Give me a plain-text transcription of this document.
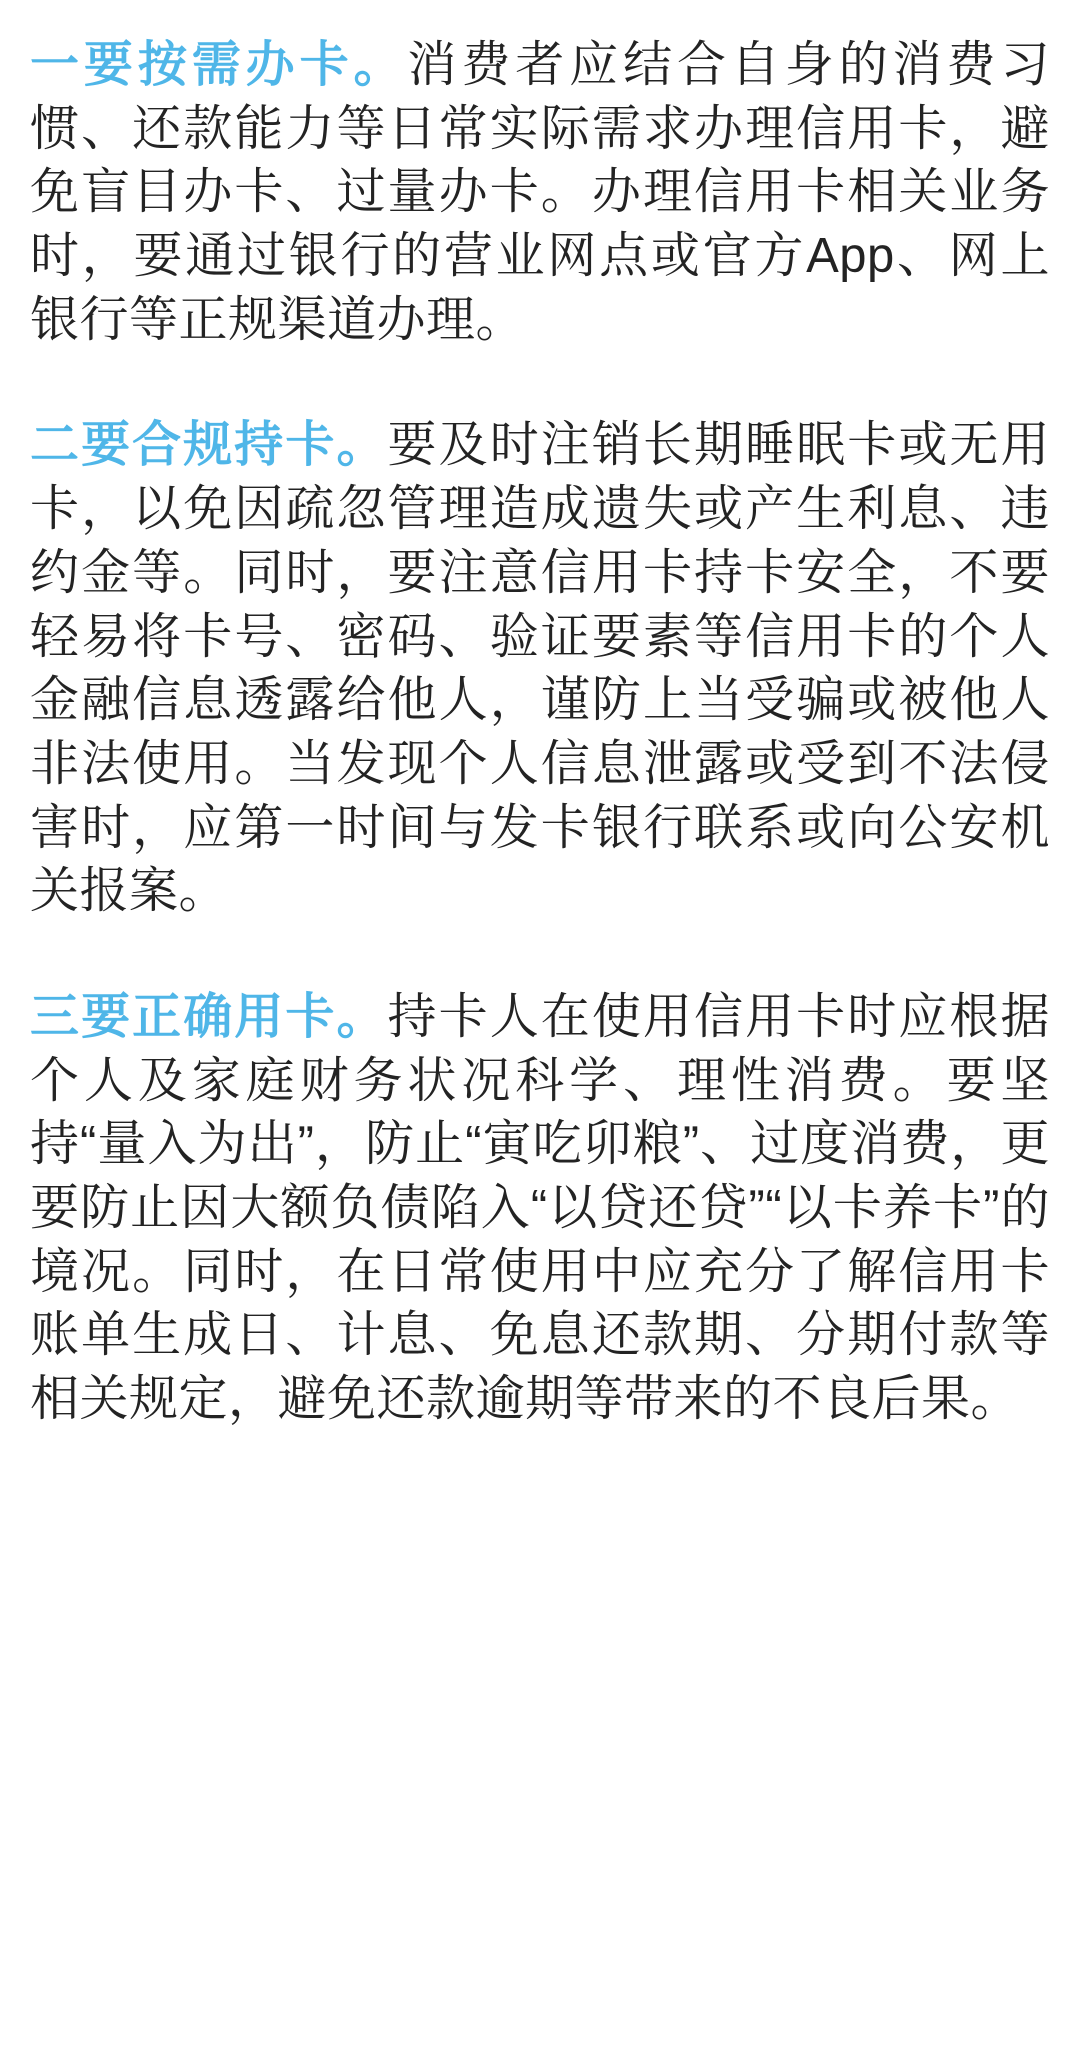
一要按需办卡。消费者应结合自身的消费习惯、还款能力等日常实际需求办理信用卡，避免盲目办卡、过量办卡。办理信用卡相关业务时，要通过银行的营业网点或官方App、网上银行等正规渠道办理。

二要合规持卡。要及时注销长期睡眠卡或无用卡，以免因疏忽管理造成遗失或产生利息、违约金等。同时，要注意信用卡持卡安全，不要轻易将卡号、密码、验证要素等信用卡的个人金融信息透露给他人，谨防上当受骗或被他人非法使用。当发现个人信息泄露或受到不法侵害时，应第一时间与发卡银行联系或向公安机关报案。

三要正确用卡。持卡人在使用信用卡时应根据个人及家庭财务状况科学、理性消费。要坚持“量入为出”，防止“寅吃卯粮”、过度消费，更要防止因大额负债陷入“以贷还贷”“以卡养卡”的境况。同时，在日常使用中应充分了解信用卡账单生成日、计息、免息还款期、分期付款等相关规定，避免还款逾期等带来的不良后果。
